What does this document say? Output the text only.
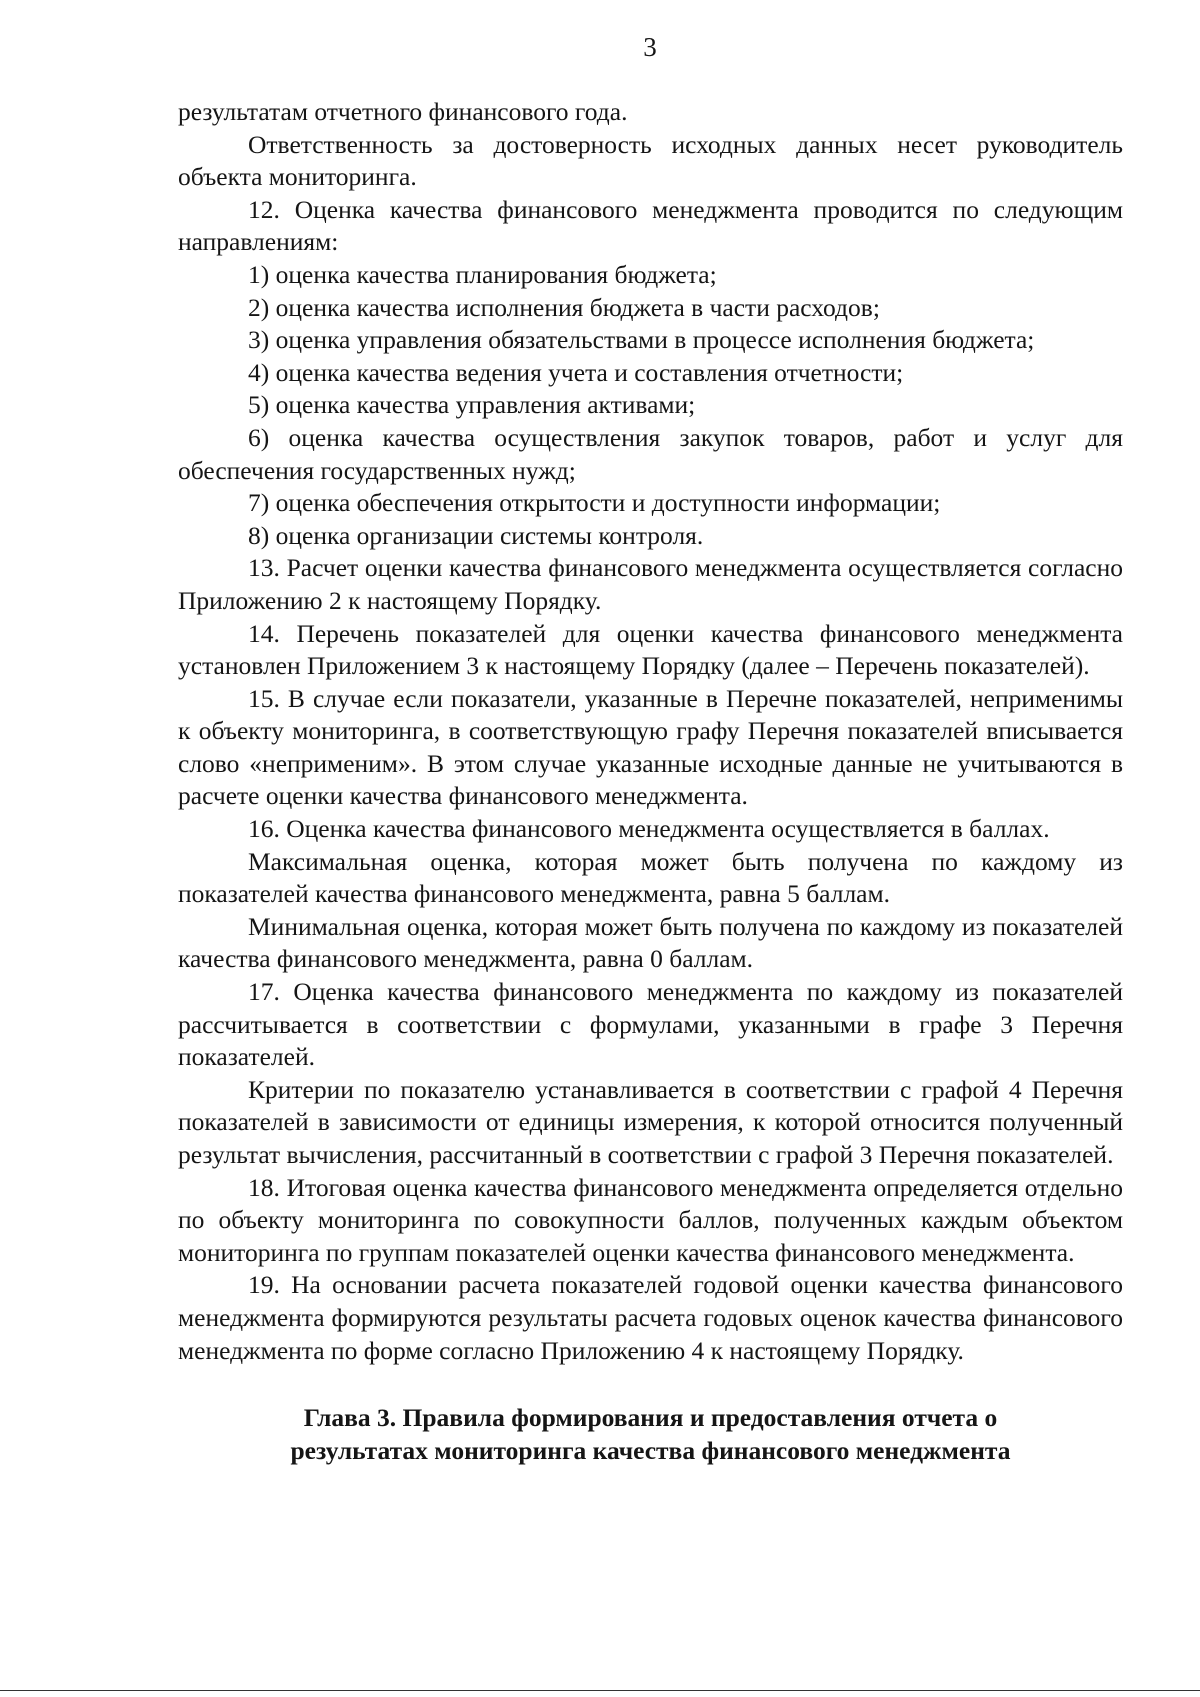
3

результатам отчетного финансового года.

Ответственность за достоверность исходных данных несет руководитель объекта мониторинга.

12. Оценка качества финансового менеджмента проводится по следующим направлениям:

1) оценка качества планирования бюджета;

2) оценка качества исполнения бюджета в части расходов;

3) оценка управления обязательствами в процессе исполнения бюджета;

4) оценка качества ведения учета и составления отчетности;

5) оценка качества управления активами;

6) оценка качества осуществления закупок товаров, работ и услуг для обеспечения государственных нужд;

7) оценка обеспечения открытости и доступности информации;

8) оценка организации системы контроля.

13. Расчет оценки качества финансового менеджмента осуществляется согласно Приложению 2 к настоящему Порядку.

14. Перечень показателей для оценки качества финансового менеджмента установлен Приложением 3 к настоящему Порядку (далее – Перечень показателей).

15. В случае если показатели, указанные в Перечне показателей, неприменимы к объекту мониторинга, в соответствующую графу Перечня показателей вписывается слово «неприменим». В этом случае указанные исходные данные не учитываются в расчете оценки качества финансового менеджмента.

16. Оценка качества финансового менеджмента осуществляется в баллах.

Максимальная оценка, которая может быть получена по каждому из показателей качества финансового менеджмента, равна 5 баллам.

Минимальная оценка, которая может быть получена по каждому из показателей качества финансового менеджмента, равна 0 баллам.

17. Оценка качества финансового менеджмента по каждому из показателей рассчитывается в соответствии с формулами, указанными в графе 3 Перечня показателей.

Критерии по показателю устанавливается в соответствии с графой 4 Перечня показателей в зависимости от единицы измерения, к которой относится полученный результат вычисления, рассчитанный в соответствии с графой 3 Перечня показателей.

18. Итоговая оценка качества финансового менеджмента определяется отдельно по объекту мониторинга по совокупности баллов, полученных каждым объектом мониторинга по группам показателей оценки качества финансового менеджмента.

19. На основании расчета показателей годовой оценки качества финансового менеджмента формируются результаты расчета годовых оценок качества финансового менеджмента по форме согласно Приложению 4 к настоящему Порядку.

Глава 3. Правила формирования и предоставления отчета о
результатах мониторинга качества финансового менеджмента
